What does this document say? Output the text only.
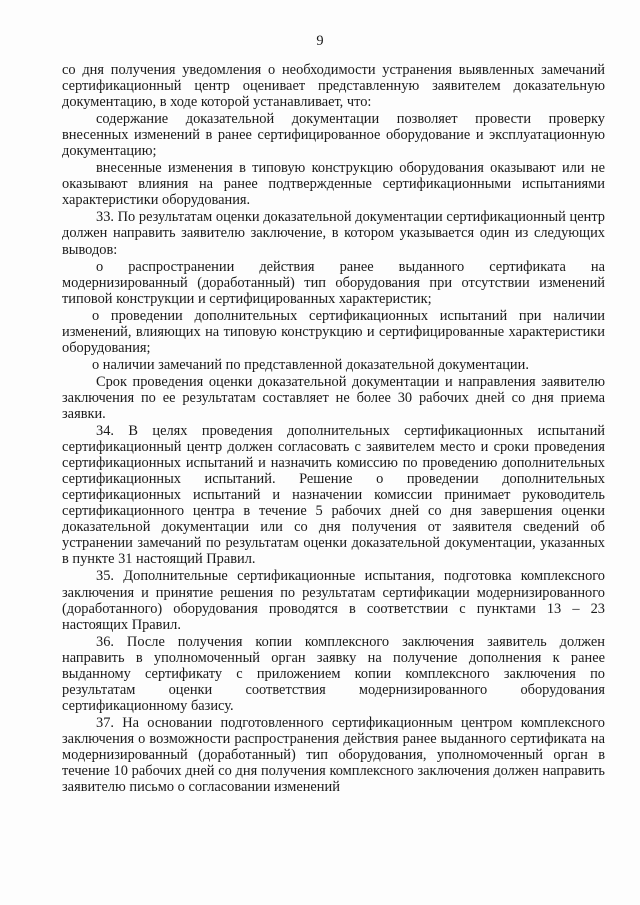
9

со дня получения уведомления о необходимости устранения выявленных замечаний сертификационный центр оценивает представленную заявителем доказательную документацию, в ходе которой устанавливает, что:

содержание доказательной документации позволяет провести проверку внесенных изменений в ранее сертифицированное оборудование и эксплуатационную документацию;

внесенные изменения в типовую конструкцию оборудования оказывают или не оказывают влияния на ранее подтвержденные сертификационными испытаниями характеристики оборудования.

33. По результатам оценки доказательной документации сертификационный центр должен направить заявителю заключение, в котором указывается один из следующих выводов:

о распространении действия ранее выданного сертификата на модернизированный (доработанный) тип оборудования при отсутствии изменений типовой конструкции и сертифицированных характеристик;

о проведении дополнительных сертификационных испытаний при наличии изменений, влияющих на типовую конструкцию и сертифицированные характеристики оборудования;

о наличии замечаний по представленной доказательной документации.

Срок проведения оценки доказательной документации и направления заявителю заключения по ее результатам составляет не более 30 рабочих дней со дня приема заявки.

34. В целях проведения дополнительных сертификационных испытаний сертификационный центр должен согласовать с заявителем место и сроки проведения сертификационных испытаний и назначить комиссию по проведению дополнительных сертификационных испытаний. Решение о проведении дополнительных сертификационных испытаний и назначении комиссии принимает руководитель сертификационного центра в течение 5 рабочих дней со дня завершения оценки доказательной документации или со дня получения от заявителя сведений об устранении замечаний по результатам оценки доказательной документации, указанных в пункте 31 настоящий Правил.

35. Дополнительные сертификационные испытания, подготовка комплексного заключения и принятие решения по результатам сертификации модернизированного (доработанного) оборудования проводятся в соответствии с пунктами 13 – 23 настоящих Правил.

36. После получения копии комплексного заключения заявитель должен направить в уполномоченный орган заявку на получение дополнения к ранее выданному сертификату с приложением копии комплексного заключения по результатам оценки соответствия модернизированного оборудования сертификационному базису.

37. На основании подготовленного сертификационным центром комплексного заключения о возможности распространения действия ранее выданного сертификата на модернизированный (доработанный) тип оборудования, уполномоченный орган в течение 10 рабочих дней со дня получения комплексного заключения должен направить заявителю письмо о согласовании изменений
